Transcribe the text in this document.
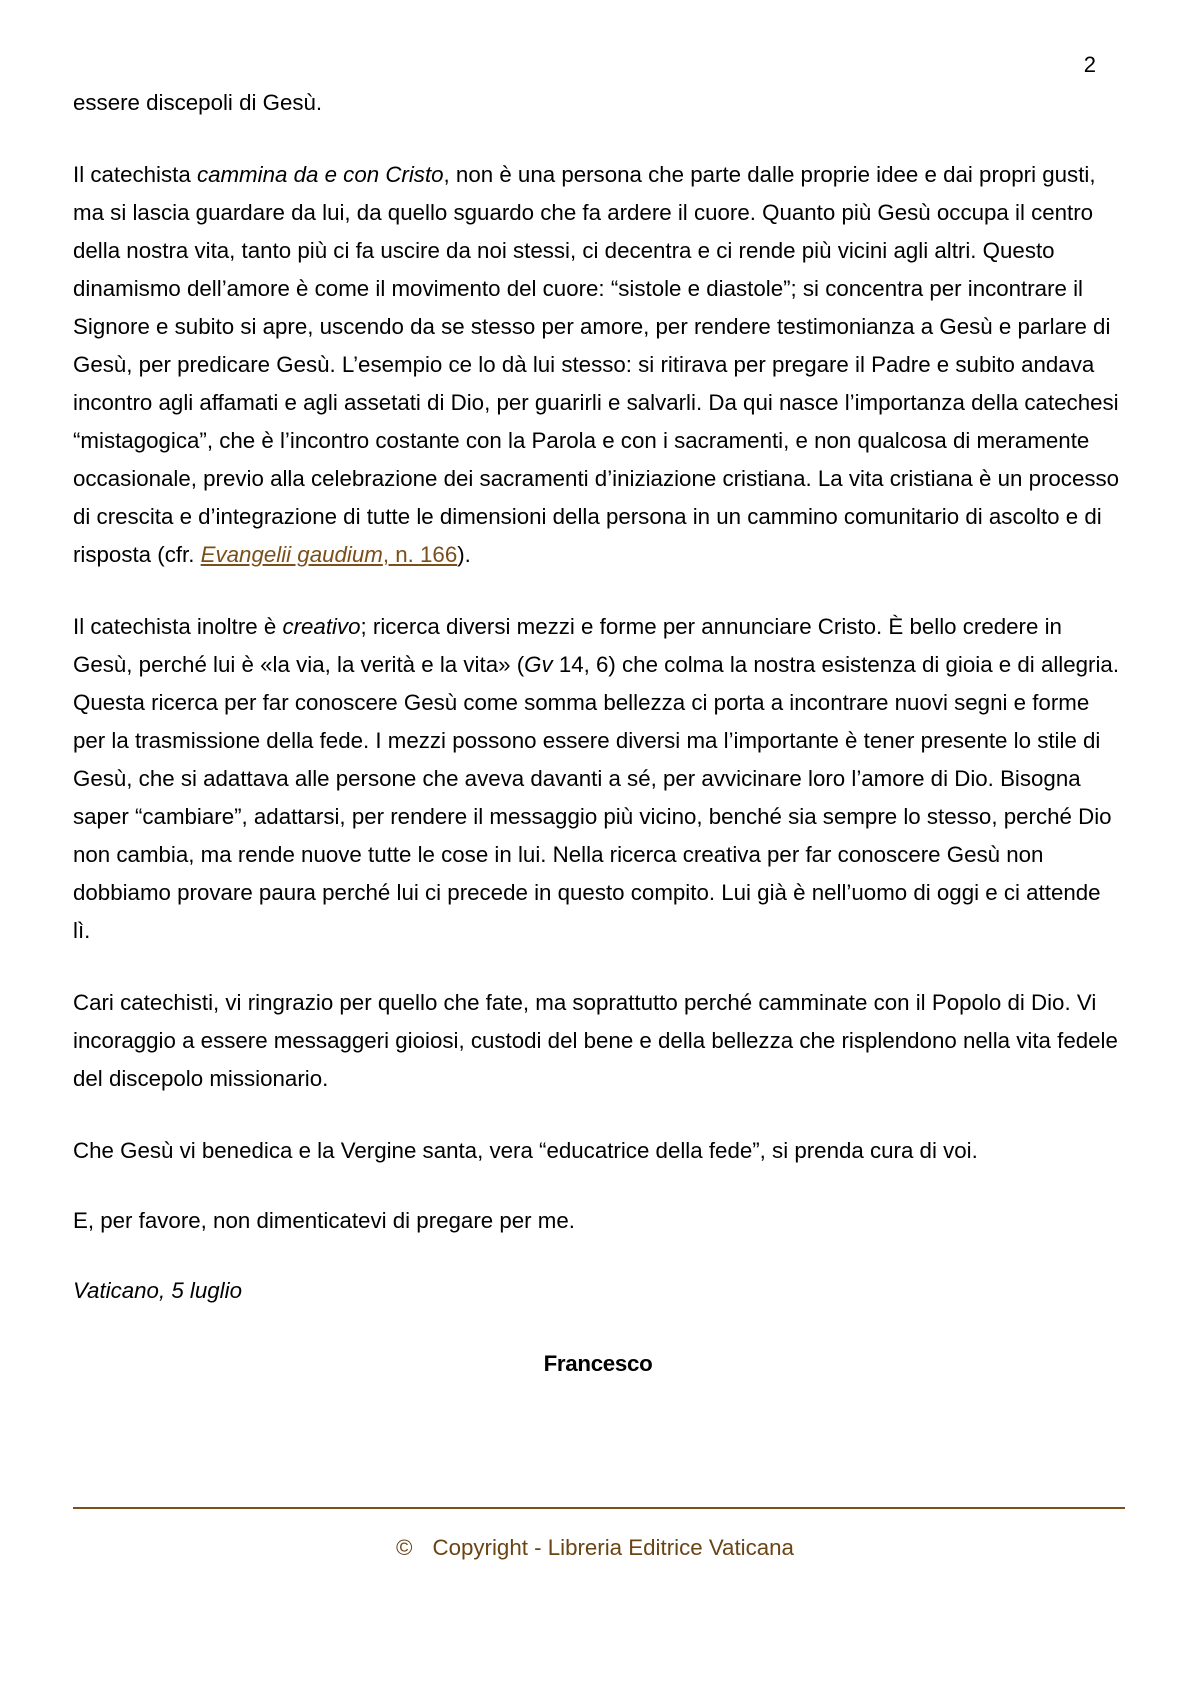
2

essere discepoli di Gesù.

Il catechista cammina da e con Cristo, non è una persona che parte dalle proprie idee e dai propri gusti, ma si lascia guardare da lui, da quello sguardo che fa ardere il cuore. Quanto più Gesù occupa il centro della nostra vita, tanto più ci fa uscire da noi stessi, ci decentra e ci rende più vicini agli altri. Questo dinamismo dell’amore è come il movimento del cuore: “sistole e diastole”; si concentra per incontrare il Signore e subito si apre, uscendo da se stesso per amore, per rendere testimonianza a Gesù e parlare di Gesù, per predicare Gesù. L’esempio ce lo dà lui stesso: si ritirava per pregare il Padre e subito andava incontro agli affamati e agli assetati di Dio, per guarirli e salvarli. Da qui nasce l’importanza della catechesi “mistagogica”, che è l’incontro costante con la Parola e con i sacramenti, e non qualcosa di meramente occasionale, previo alla celebrazione dei sacramenti d’iniziazione cristiana. La vita cristiana è un processo di crescita e d’integrazione di tutte le dimensioni della persona in un cammino comunitario di ascolto e di risposta (cfr. Evangelii gaudium, n. 166).

Il catechista inoltre è creativo; ricerca diversi mezzi e forme per annunciare Cristo. È bello credere in Gesù, perché lui è «la via, la verità e la vita» (Gv 14, 6) che colma la nostra esistenza di gioia e di allegria. Questa ricerca per far conoscere Gesù come somma bellezza ci porta a incontrare nuovi segni e forme per la trasmissione della fede. I mezzi possono essere diversi ma l’importante è tener presente lo stile di Gesù, che si adattava alle persone che aveva davanti a sé, per avvicinare loro l’amore di Dio. Bisogna saper “cambiare”, adattarsi, per rendere il messaggio più vicino, benché sia sempre lo stesso, perché Dio non cambia, ma rende nuove tutte le cose in lui. Nella ricerca creativa per far conoscere Gesù non dobbiamo provare paura perché lui ci precede in questo compito. Lui già è nell’uomo di oggi e ci attende lì.

Cari catechisti, vi ringrazio per quello che fate, ma soprattutto perché camminate con il Popolo di Dio. Vi incoraggio a essere messaggeri gioiosi, custodi del bene e della bellezza che risplendono nella vita fedele del discepolo missionario.

Che Gesù vi benedica e la Vergine santa, vera “educatrice della fede”, si prenda cura di voi.

E, per favore, non dimenticatevi di pregare per me.

Vaticano, 5 luglio

Francesco

© Copyright - Libreria Editrice Vaticana
